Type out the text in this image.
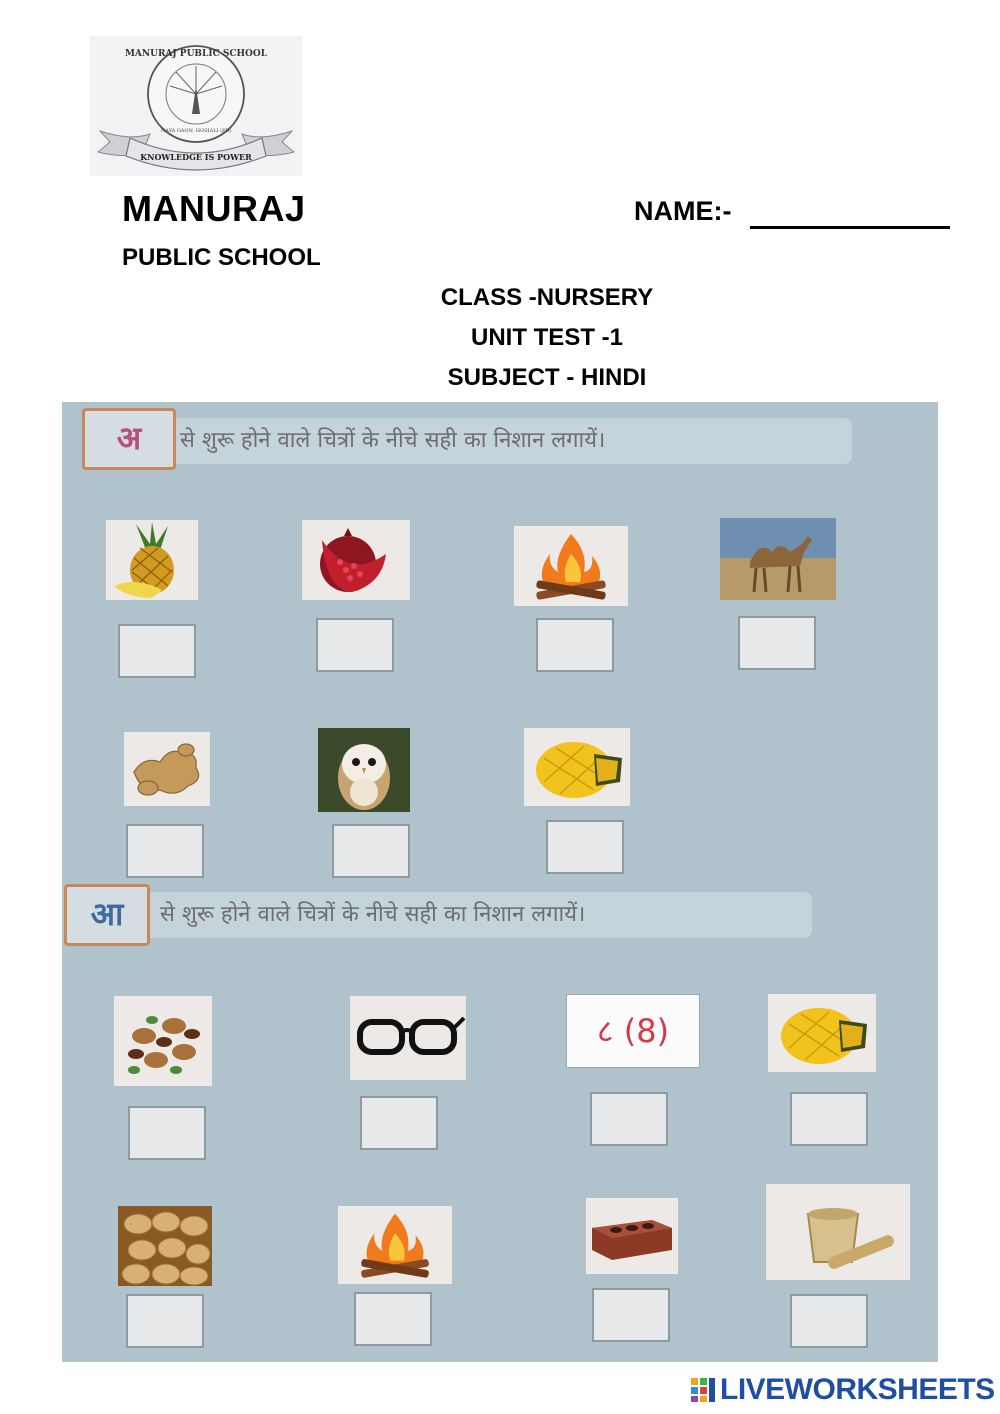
MANURAJ PUBLIC SCHOOL
NAYA GAON, HOSIALI (PB)
KNOWLEDGE IS POWER
MANURAJ
PUBLIC SCHOOL
NAME:-
CLASS -NURSERY
UNIT TEST -1
SUBJECT - HINDI
से शुरू होने वाले चित्रों के नीचे सही का निशान लगायें।
अ
से शुरू होने वाले चित्रों के नीचे सही का निशान लगायें।
आ
८ (8)
LIVEWORKSHEETS
